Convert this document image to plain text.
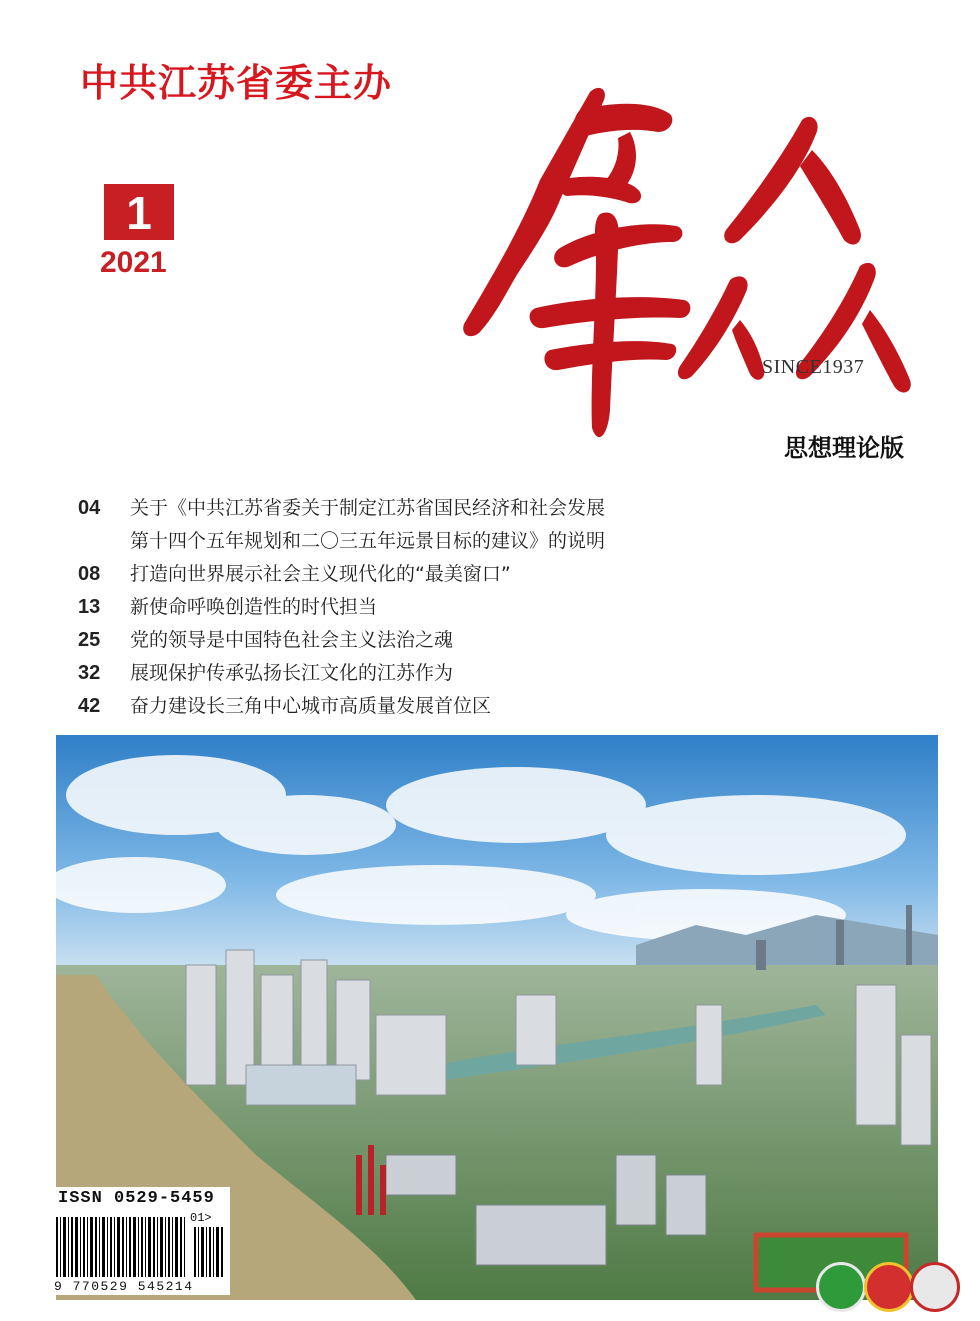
中共江苏省委主办
1
2021
SINCE1937
思想理论版
04	关于《中共江苏省委关于制定江苏省国民经济和社会发展
第十四个五年规划和二〇三五年远景目标的建议》的说明
08	打造向世界展示社会主义现代化的“最美窗口”
13	新使命呼唤创造性的时代担当
25	党的领导是中国特色社会主义法治之魂
32	展现保护传承弘扬长江文化的江苏作为
42	奋力建设长三角中心城市高质量发展首位区
ISSN 0529-5459
01>
9 770529 545214
